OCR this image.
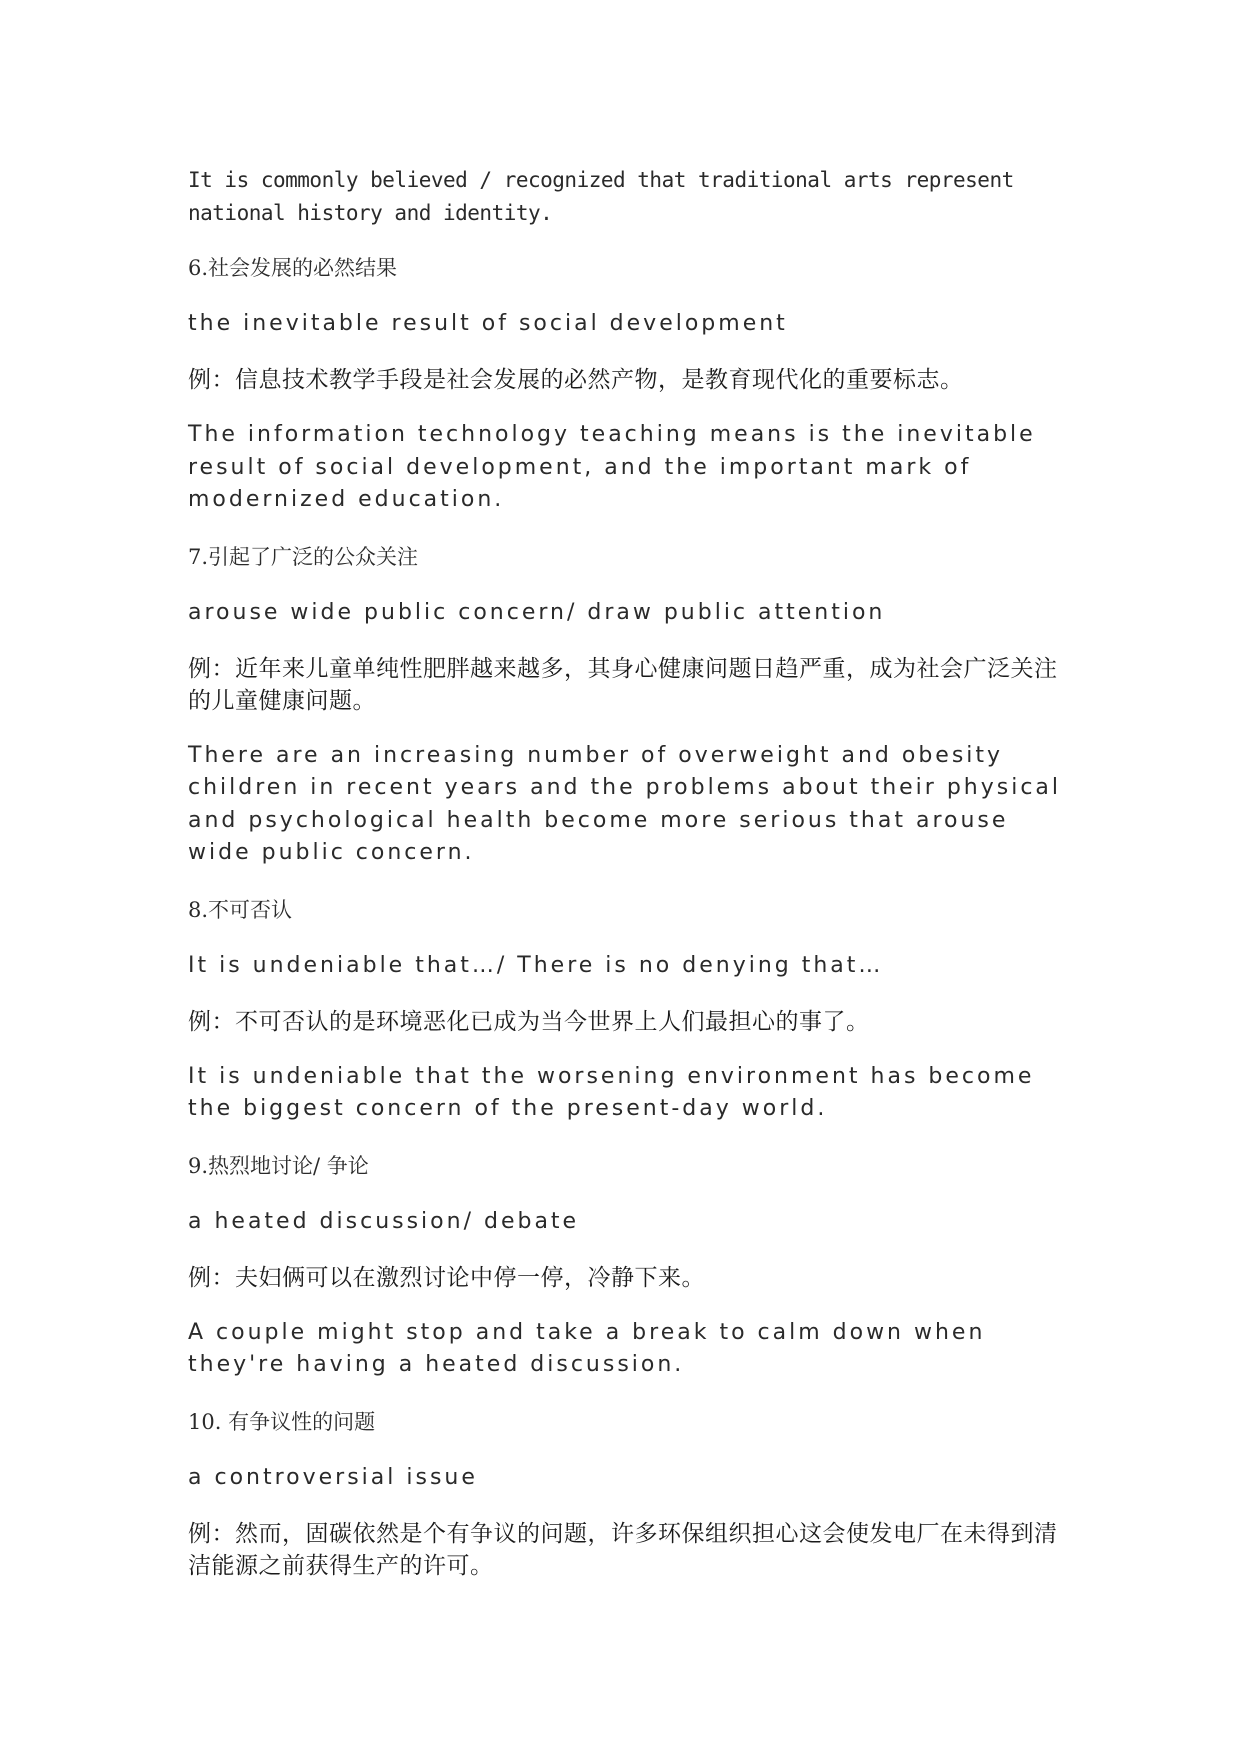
It is commonly believed / recognized that traditional arts represent national history and identity.

6.社会发展的必然结果

the inevitable result of social development

例：信息技术教学手段是社会发展的必然产物，是教育现代化的重要标志。

The information technology teaching means is the inevitable result of social development, and the important mark of modernized education.

7.引起了广泛的公众关注

arouse wide public concern/ draw public attention

例：近年来儿童单纯性肥胖越来越多，其身心健康问题日趋严重，成为社会广泛关注的儿童健康问题。

There are an increasing number of overweight and obesity children in recent years and the problems about their physical and psychological health become more serious that arouse wide public concern.

8.不可否认

It is undeniable that…/ There is no denying that…

例：不可否认的是环境恶化已成为当今世界上人们最担心的事了。

It is undeniable that the worsening environment has become the biggest concern of the present-day world.

9.热烈地讨论/ 争论

a heated discussion/ debate

例：夫妇俩可以在激烈讨论中停一停，冷静下来。

A couple might stop and take a break to calm down when they're having a heated discussion.

10. 有争议性的问题

a controversial issue

例：然而，固碳依然是个有争议的问题，许多环保组织担心这会使发电厂在未得到清洁能源之前获得生产的许可。
